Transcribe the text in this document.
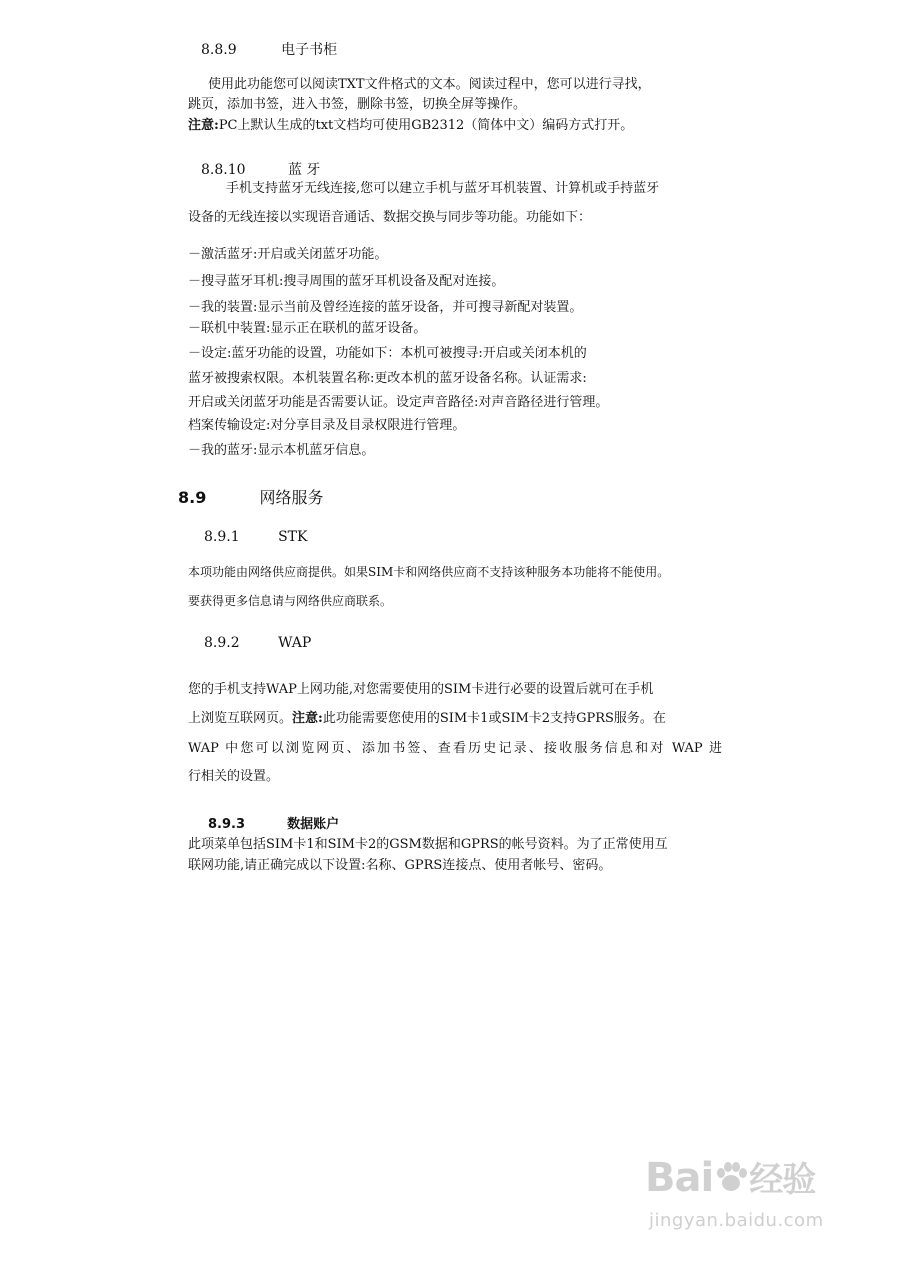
8.8.9	电子书柜
使用此功能您可以阅读TXT文件格式的文本。阅读过程中，您可以进行寻找，
跳页，添加书签，进入书签，删除书签，切换全屏等操作。
注意:PC上默认生成的txt文档均可使用GB2312（简体中文）编码方式打开。
8.8.10	蓝 牙
手机支持蓝牙无线连接,您可以建立手机与蓝牙耳机装置、计算机或手持蓝牙
设备的无线连接以实现语音通话、数据交换与同步等功能。功能如下：
－激活蓝牙:开启或关闭蓝牙功能。
－搜寻蓝牙耳机:搜寻周围的蓝牙耳机设备及配对连接。
－我的装置:显示当前及曾经连接的蓝牙设备，并可搜寻新配对装置。
－联机中装置:显示正在联机的蓝牙设备。
－设定:蓝牙功能的设置，功能如下：本机可被搜寻:开启或关闭本机的
蓝牙被搜索权限。本机装置名称:更改本机的蓝牙设备名称。认证需求:
开启或关闭蓝牙功能是否需要认证。设定声音路径:对声音路径进行管理。
档案传输设定:对分享目录及目录权限进行管理。
－我的蓝牙:显示本机蓝牙信息。
8.9	网络服务
8.9.1	STK
本项功能由网络供应商提供。如果SIM卡和网络供应商不支持该种服务本功能将不能使用。
要获得更多信息请与网络供应商联系。
8.9.2	WAP
您的手机支持WAP上网功能,对您需要使用的SIM卡进行必要的设置后就可在手机
上浏览互联网页。注意:此功能需要您使用的SIM卡1或SIM卡2支持GPRS服务。在
WAP 中您可以浏览网页、添加书签、查看历史记录、接收服务信息和对 WAP 进
行相关的设置。
8.9.3	数据账户
此项菜单包括SIM卡1和SIM卡2的GSM数据和GPRS的帐号资料。为了正常使用互
联网功能,请正确完成以下设置:名称、GPRS连接点、使用者帐号、密码。
Bai 经验
jingyan.baidu.com
